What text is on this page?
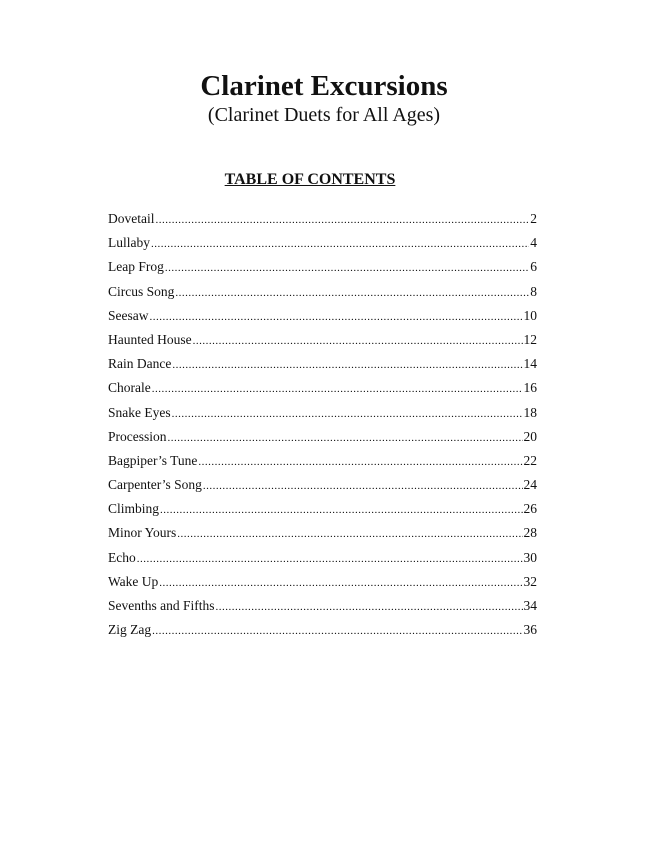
Clarinet Excursions
(Clarinet Duets for All Ages)
TABLE OF CONTENTS
Dovetail .....	2
Lullaby .....	4
Leap Frog .....	6
Circus Song .....	8
Seesaw .....	10
Haunted House .....	12
Rain Dance .....	14
Chorale .....	16
Snake Eyes .....	18
Procession .....	20
Bagpiper’s Tune .....	22
Carpenter’s Song .....	24
Climbing .....	26
Minor Yours .....	28
Echo .....	30
Wake Up .....	32
Sevenths and Fifths .....	34
Zig Zag .....	36
